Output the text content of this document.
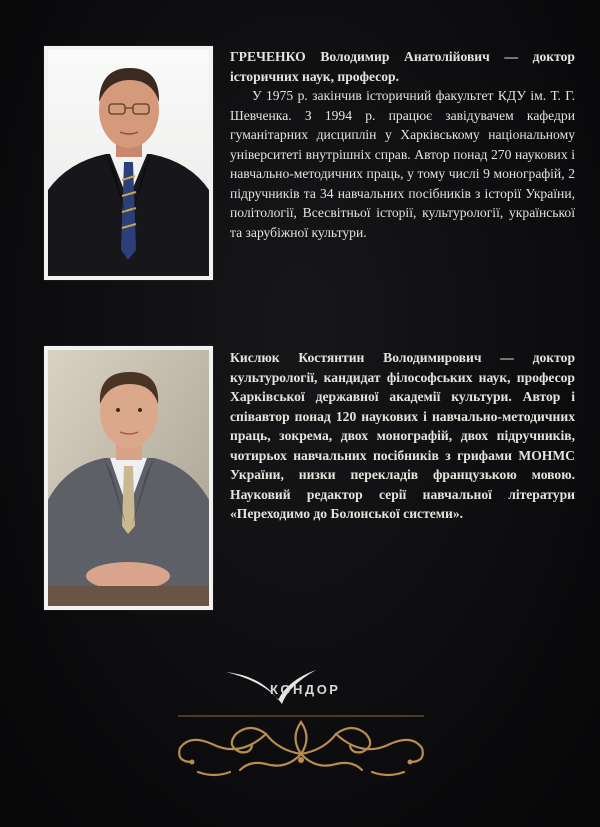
ГРЕЧЕНКО Володимир Анатолійович — доктор історичних наук, професор.

У 1975 р. закінчив історичний факультет КДУ ім. Т. Г. Шевченка. З 1994 р. працює завідувачем кафедри гуманітарних дисциплін у Харківському національному університеті внутрішніх справ. Автор понад 270 наукових і навчально-методичних праць, у тому числі 9 монографій, 2 підручників та 34 навчальних посібників з історії України, політології, Всесвітньої історії, культурології, української та зарубіжної культури.

Кислюк Костянтин Володимирович — доктор культурології, кандидат філософських наук, професор Харківської державної академії культури. Автор і співавтор понад 120 наукових і навчально-методичних праць, зокрема, двох монографій, двох підручників, чотирьох навчальних посібників з грифами МОНМС України, низки перекладів французькою мовою. Науковий редактор серії навчальної літератури «Переходимо до Болонської системи».

КОНДОР
